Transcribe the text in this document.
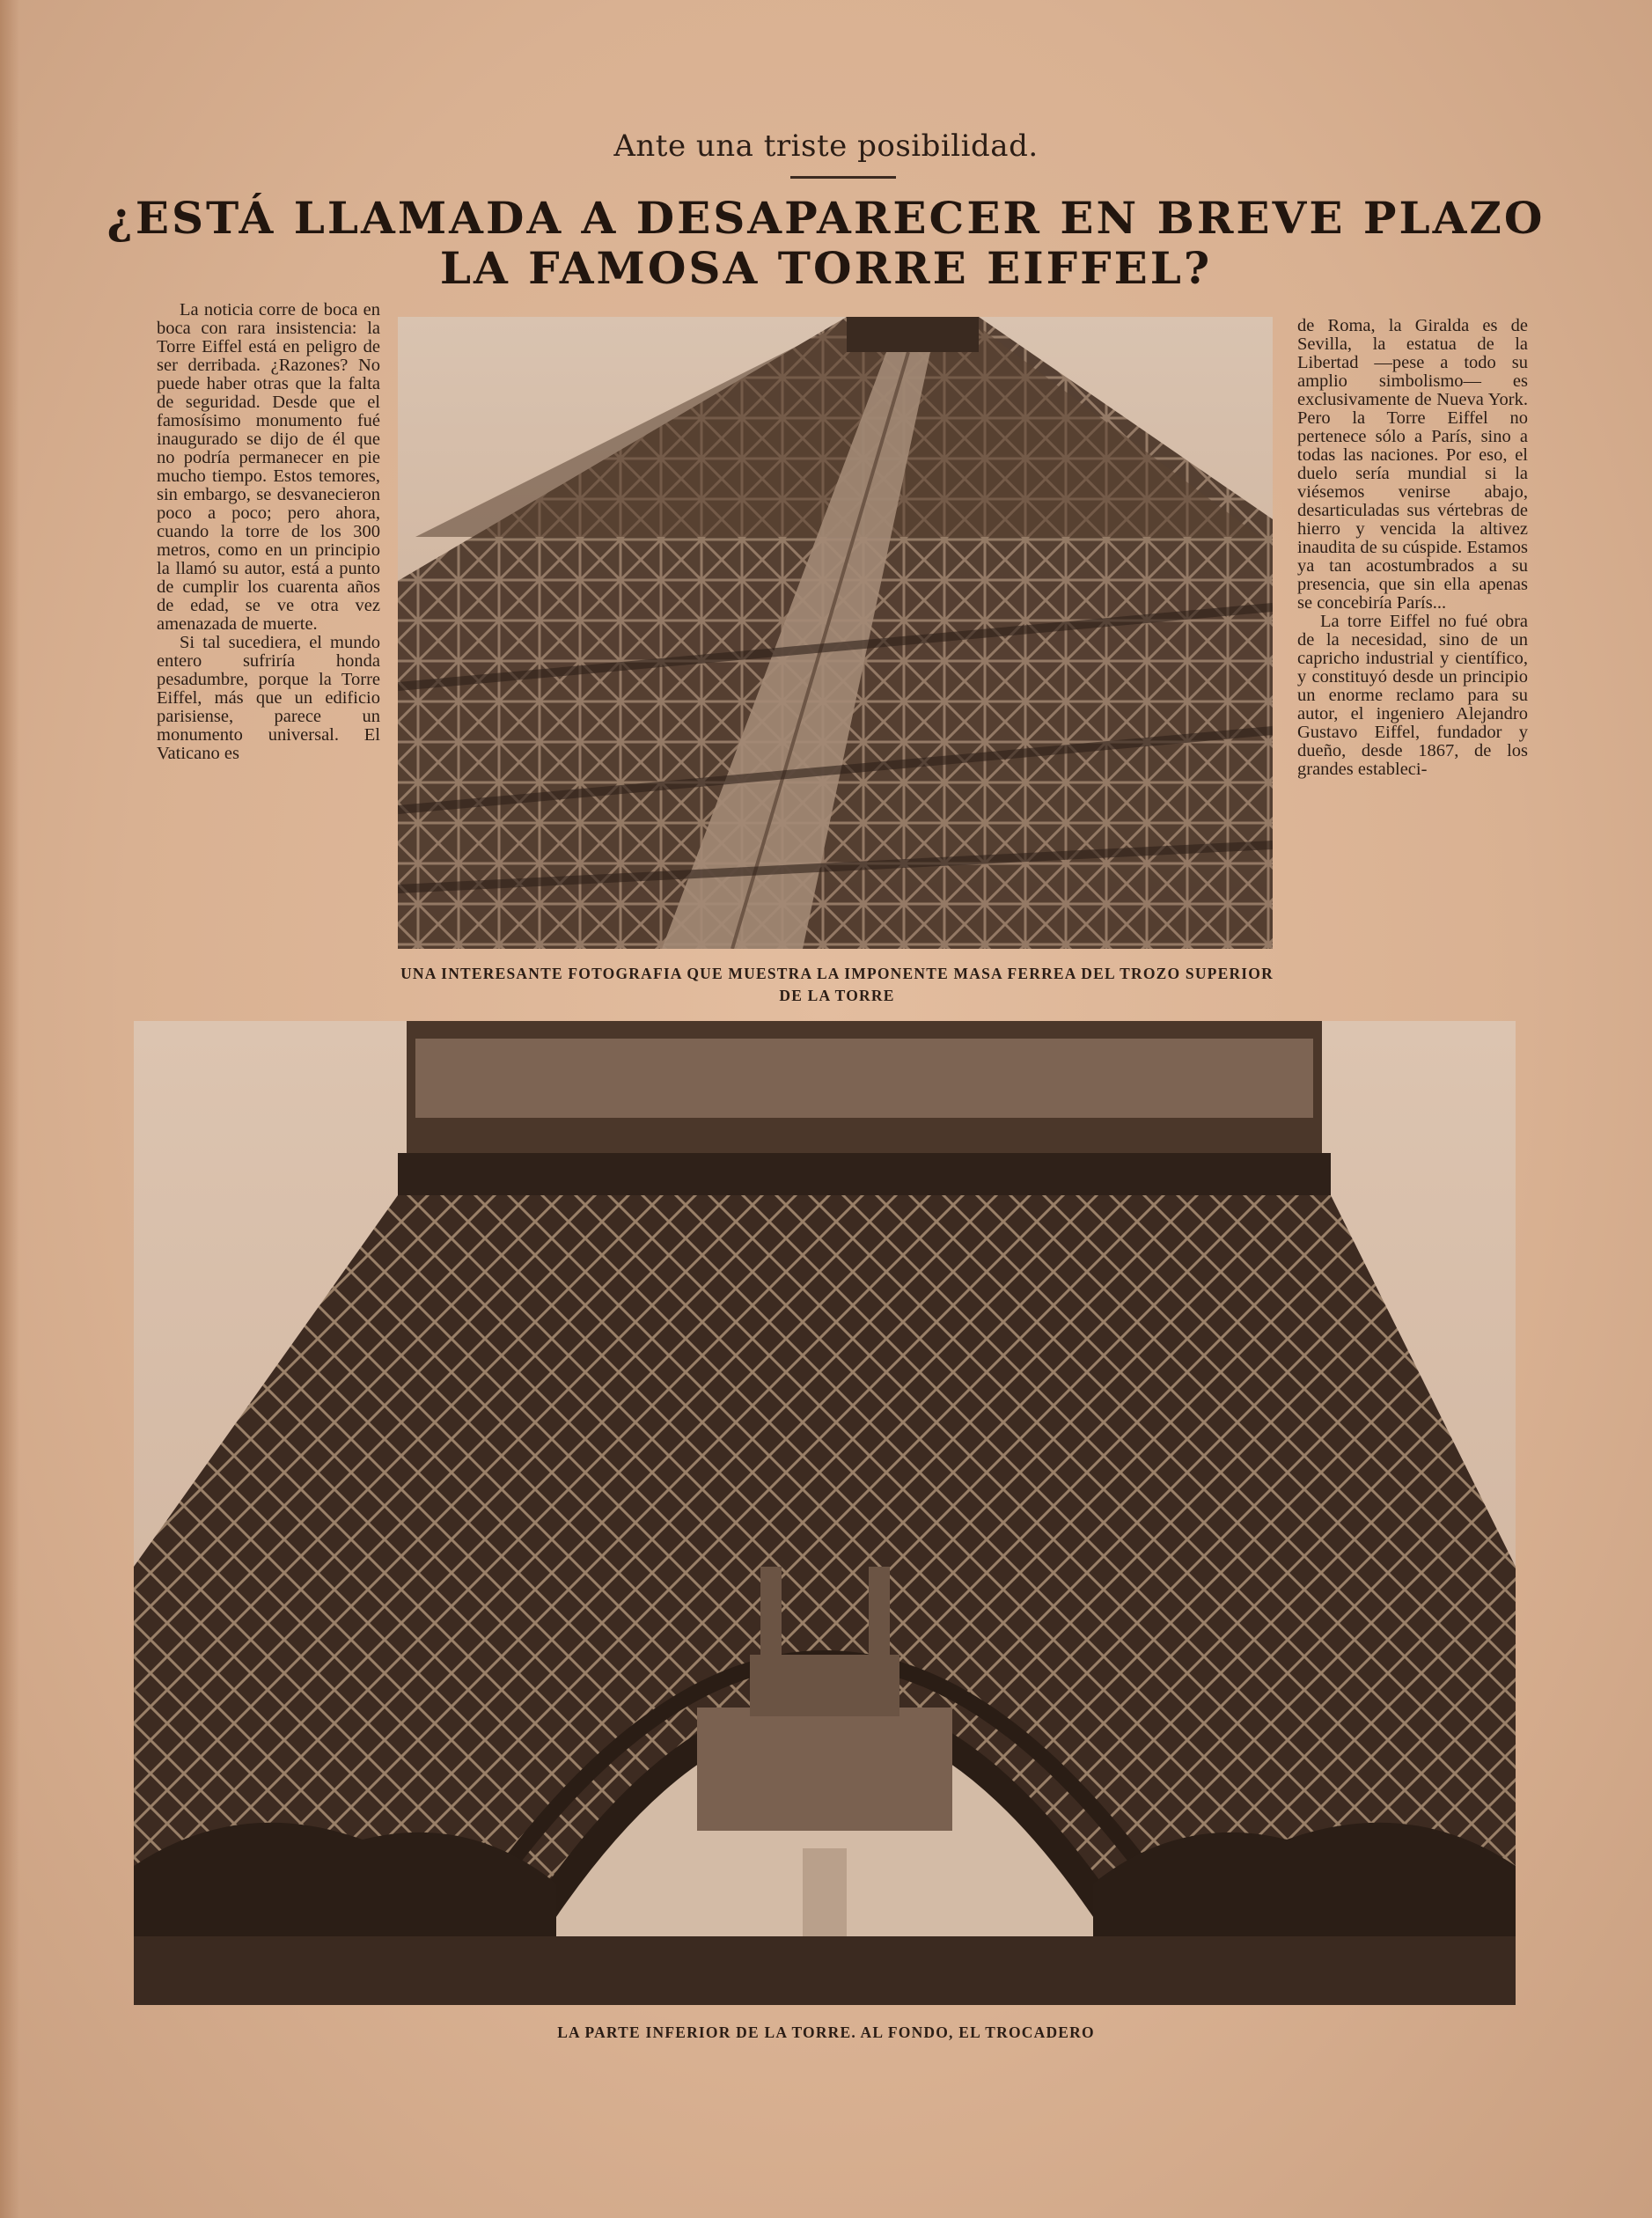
Ante una triste posibilidad.
¿ESTÁ LLAMADA A DESAPARECER EN BREVE PLAZO
LA FAMOSA TORRE EIFFEL?

La noticia corre de boca en boca con rara insistencia: la Torre Eiffel está en peligro de ser derribada. ¿Razones? No puede haber otras que la falta de seguridad. Desde que el famosísimo monumento fué inaugurado se dijo de él que no podría permanecer en pie mucho tiempo. Estos temores, sin embargo, se desvanecieron poco a poco; pero ahora, cuando la torre de los 300 metros, como en un principio la llamó su autor, está a punto de cumplir los cuarenta años de edad, se ve otra vez amenazada de muerte.

Si tal sucediera, el mundo entero sufriría honda pesadumbre, porque la Torre Eiffel, más que un edificio parisiense, parece un monumento universal. El Vaticano es

UNA INTERESANTE FOTOGRAFIA QUE MUESTRA LA IMPONENTE MASA FERREA DEL TROZO SUPERIOR DE LA TORRE

de Roma, la Giralda es de Sevilla, la estatua de la Libertad —pese a todo su amplio simbolismo— es exclusivamente de Nueva York. Pero la Torre Eiffel no pertenece sólo a París, sino a todas las naciones. Por eso, el duelo sería mundial si la viésemos venirse abajo, desarticuladas sus vértebras de hierro y vencida la altivez inaudita de su cúspide. Estamos ya tan acostumbrados a su presencia, que sin ella apenas se concebiría París...

La torre Eiffel no fué obra de la necesidad, sino de un capricho industrial y científico, y constituyó desde un principio un enorme reclamo para su autor, el ingeniero Alejandro Gustavo Eiffel, fundador y dueño, desde 1867, de los grandes estableci-

LA PARTE INFERIOR DE LA TORRE. AL FONDO, EL TROCADERO
